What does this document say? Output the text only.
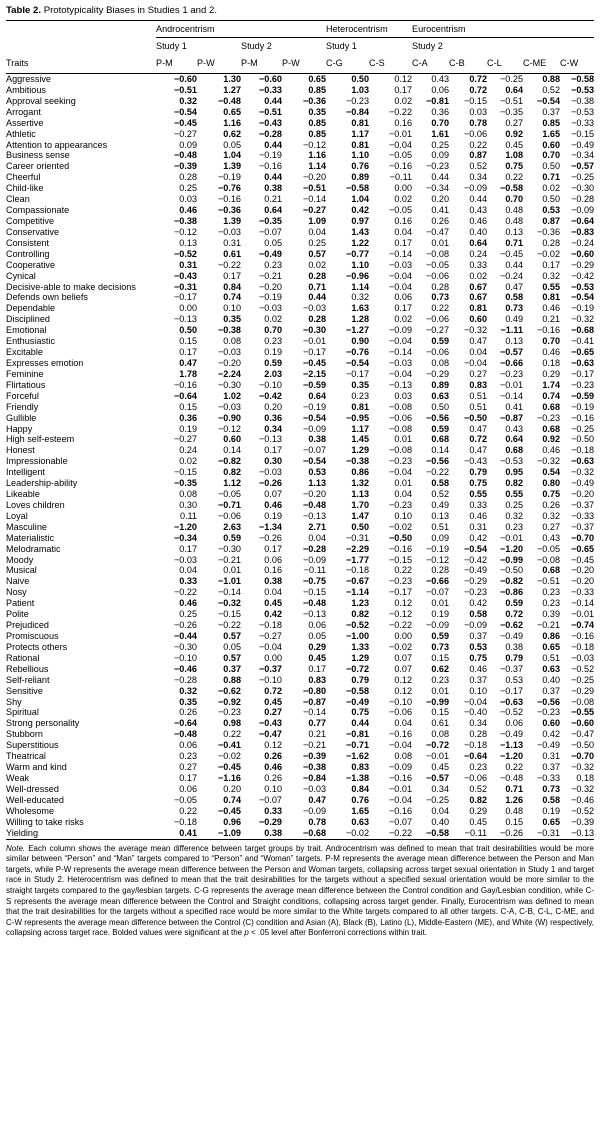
Table 2. Prototypicality Biases in Studies 1 and 2.
	Androcentrism				Heterocentrism		Eurocentrism				
	Study 1		Study 2		Study 1		Study 2				
Traits	P-M	P-W	P-M	P-W	C-G	C-S	C-A	C-B	C-L	C-ME	C-W
Aggressive	−0.60	1.30	−0.60	0.65	0.50	0.12	0.43	0.72	−0.25	0.88	−0.58
Ambitious	−0.51	1.27	−0.33	0.85	1.03	0.17	0.06	0.72	0.64	0.52	−0.53
Approval seeking	0.32	−0.48	0.44	−0.36	−0.23	0.02	−0.81	−0.15	−0.51	−0.54	−0.38
Arrogant	−0.54	0.65	−0.51	0.35	−0.84	−0.22	0.36	0.03	−0.35	0.37	−0.53
Assertive	−0.45	1.16	−0.43	0.85	0.81	0.16	0.70	0.78	0.27	0.85	−0.33
Athletic	−0.27	0.62	−0.28	0.85	1.17	−0.01	1.61	−0.06	0.92	1.65	−0.15
Attention to appearances	0.09	0.05	0.44	−0.12	0.81	−0.04	0.25	0.22	0.45	0.60	−0.49
Business sense	−0.48	1.04	−0.19	1.16	1.10	−0.05	0.09	0.87	1.08	0.70	−0.34
Career oriented	−0.39	1.39	−0.16	1.14	0.76	−0.16	−0.23	0.52	0.75	0.50	−0.57
Cheerful	0.28	−0.19	0.44	−0.20	0.89	−0.11	0.44	0.34	0.22	0.71	−0.25
Child-like	0.25	−0.76	0.38	−0.51	−0.58	0.00	−0.34	−0.09	−0.58	0.02	−0.30
Clean	0.03	−0.16	0.21	−0.14	1.04	0.02	0.20	0.44	0.70	0.50	−0.28
Compassionate	0.46	−0.36	0.64	−0.27	0.42	−0.05	0.41	0.43	0.48	0.53	−0.09
Competitive	−0.38	1.39	−0.35	1.09	0.97	0.16	0.26	0.46	0.48	0.87	−0.64
Conservative	−0.12	−0.03	−0.07	0.04	1.43	0.04	−0.47	0.40	0.13	−0.36	−0.83
Consistent	0.13	0.31	0.05	0.25	1.22	0.17	0.01	0.64	0.71	0.28	−0.24
Controlling	−0.52	0.61	−0.49	0.57	−0.77	−0.14	−0.08	0.24	−0.45	−0.02	−0.60
Cooperative	0.31	−0.22	0.23	0.02	1.10	−0.03	−0.05	0.33	0.44	0.17	−0.29
Cynical	−0.43	0.17	−0.21	0.28	−0.96	−0.04	−0.06	0.02	−0.24	0.32	−0.42
Decisive-able to make decisions	−0.31	0.84	−0.20	0.71	1.14	−0.04	0.28	0.67	0.47	0.55	−0.53
Defends own beliefs	−0.17	0.74	−0.19	0.44	0.32	0.06	0.73	0.67	0.58	0.81	−0.54
Dependable	0.00	0.10	−0.03	−0.03	1.63	0.17	0.22	0.81	0.73	0.46	−0.19
Disciplined	−0.13	0.35	0.02	0.28	1.28	0.02	−0.06	0.60	0.49	0.21	−0.32
Emotional	0.50	−0.38	0.70	−0.30	−1.27	−0.09	−0.27	−0.32	−1.11	−0.16	−0.68
Enthusiastic	0.15	0.08	0.23	−0.01	0.90	−0.04	0.59	0.47	0.13	0.70	−0.41
Excitable	0.17	−0.03	0.19	−0.17	−0.76	−0.14	−0.06	0.04	−0.57	0.46	−0.65
Expresses emotion	0.47	−0.20	0.59	−0.45	−0.54	−0.03	0.08	−0.04	−0.66	0.18	−0.63
Feminine	1.78	−2.24	2.03	−2.15	−0.17	−0.04	−0.29	0.27	−0.23	0.29	−0.17
Flirtatious	−0.16	−0.30	−0.10	−0.59	0.35	−0.13	0.89	0.83	−0.01	1.74	−0.23
Forceful	−0.64	1.02	−0.42	0.64	0.23	0.03	0.63	0.51	−0.14	0.74	−0.59
Friendly	0.15	−0.03	0.20	−0.19	0.81	−0.08	0.50	0.51	0.41	0.68	−0.19
Gullible	0.36	−0.90	0.36	−0.54	−0.95	−0.06	−0.56	−0.50	−0.87	−0.23	−0.16
Happy	0.19	−0.12	0.34	−0.09	1.17	−0.08	0.59	0.47	0.43	0.68	−0.25
High self-esteem	−0.27	0.60	−0.13	0.38	1.45	0.01	0.68	0.72	0.64	0.92	−0.50
Honest	0.24	0.14	0.17	−0.07	1.29	−0.08	0.14	0.47	0.68	0.46	−0.18
Impressionable	0.02	−0.82	0.30	−0.54	−0.38	−0.23	−0.56	−0.43	−0.53	−0.32	−0.63
Intelligent	−0.15	0.82	−0.03	0.53	0.86	−0.04	−0.22	0.79	0.95	0.54	−0.32
Leadership-ability	−0.35	1.12	−0.26	1.13	1.32	0.01	0.58	0.75	0.82	0.80	−0.49
Likeable	0.08	−0.05	0.07	−0.20	1.13	0.04	0.52	0.55	0.55	0.75	−0.20
Loves children	0.30	−0.71	0.46	−0.48	1.70	−0.23	0.49	0.33	0.25	0.26	−0.37
Loyal	0.11	−0.06	0.19	−0.13	1.47	0.10	0.13	0.46	0.32	0.32	−0.33
Masculine	−1.20	2.63	−1.34	2.71	0.50	−0.02	0.51	0.31	0.23	0.27	−0.37
Materialistic	−0.34	0.59	−0.26	0.04	−0.31	−0.50	0.09	0.42	−0.01	0.43	−0.70
Melodramatic	0.17	−0.30	0.17	−0.28	−2.29	−0.16	−0.19	−0.54	−1.20	−0.05	−0.65
Moody	−0.03	−0.21	0.06	−0.09	−1.77	−0.15	−0.12	−0.42	−0.99	−0.08	−0.45
Musical	0.04	0.01	0.16	−0.11	−0.18	0.22	0.28	−0.49	−0.50	0.68	−0.20
Naive	0.33	−1.01	0.38	−0.75	−0.67	−0.23	−0.66	−0.29	−0.82	−0.51	−0.20
Nosy	−0.22	−0.14	0.04	−0.15	−1.14	−0.17	−0.07	−0.23	−0.86	0.23	−0.33
Patient	0.46	−0.32	0.45	−0.48	1.23	0.12	0.01	0.42	0.59	0.23	−0.14
Polite	0.25	−0.15	0.42	−0.13	0.82	−0.12	0.19	0.58	0.72	0.39	−0.01
Prejudiced	−0.26	−0.22	−0.18	0.06	−0.52	−0.22	−0.09	−0.09	−0.62	−0.21	−0.74
Promiscuous	−0.44	0.57	−0.27	0.05	−1.00	0.00	0.59	0.37	−0.49	0.86	−0.16
Protects others	−0.30	0.05	−0.04	0.29	1.33	−0.02	0.73	0.53	0.38	0.65	−0.18
Rational	−0.10	0.57	0.00	0.45	1.29	0.07	0.15	0.75	0.79	0.51	−0.03
Rebellious	−0.46	0.37	−0.37	0.17	−0.72	0.07	0.62	0.46	−0.37	0.63	−0.52
Self-reliant	−0.28	0.88	−0.10	0.83	0.79	0.12	0.23	0.37	0.53	0.40	−0.25
Sensitive	0.32	−0.62	0.72	−0.80	−0.58	0.12	0.01	0.10	−0.17	0.37	−0.29
Shy	0.35	−0.92	0.45	−0.87	−0.49	−0.10	−0.99	−0.04	−0.63	−0.56	−0.08
Spiritual	0.26	−0.23	0.27	−0.14	0.75	−0.06	0.15	−0.40	−0.52	−0.23	−0.55
Strong personality	−0.64	0.98	−0.43	0.77	0.44	0.04	0.61	0.34	0.06	0.60	−0.60
Stubborn	−0.48	0.22	−0.47	0.21	−0.81	−0.16	0.08	0.28	−0.49	0.42	−0.47
Superstitious	0.06	−0.41	0.12	−0.21	−0.71	−0.04	−0.72	−0.18	−1.13	−0.49	−0.50
Theatrical	0.23	−0.02	0.26	−0.39	−1.62	0.08	−0.01	−0.64	−1.20	0.31	−0.70
Warm and kind	0.27	−0.45	0.46	−0.38	0.83	−0.09	0.45	0.23	0.22	0.37	−0.32
Weak	0.17	−1.16	0.26	−0.84	−1.38	−0.16	−0.57	−0.06	−0.48	−0.33	0.18
Well-dressed	0.06	0.20	0.10	−0.03	0.84	−0.01	0.34	0.52	0.71	0.73	−0.32
Well-educated	−0.05	0.74	−0.07	0.47	0.76	−0.04	−0.25	0.82	1.26	0.58	−0.46
Wholesome	0.22	−0.45	0.33	−0.09	1.65	−0.16	0.04	0.29	0.48	0.19	−0.52
Willing to take risks	−0.18	0.96	−0.29	0.78	0.63	−0.07	0.40	0.45	0.15	0.65	−0.39
Yielding	0.41	−1.09	0.38	−0.68	−0.02	−0.22	−0.58	−0.11	−0.26	−0.31	−0.13
Note. Each column shows the average mean difference between target groups by trait. Androcentrism was defined to mean that trait desirabilities would be more similar between “Person” and “Man” targets compared to “Person” and “Woman” targets. P-M represents the average mean difference between the Person and Man targets, while P-W represents the average mean difference between the Person and Woman targets, collapsing across target sexual orientation in Study 1 and target race in Study 2. Heterocentrism was defined to mean that the trait desirabilities for the targets without a specified sexual orientation would be more similar to the straight targets compared to the gay/lesbian targets. C-G represents the average mean difference between the Control condition and Gay/Lesbian condition, while C-S represents the average mean difference between the Control and Straight conditions, collapsing across target gender. Finally, Eurocentrism was defined to mean that the trait desirabilities for the targets without a specified race would be more similar to the White targets compared to all other targets. C-A, C-B, C-L, C-ME, and C-W represents the average mean difference between the Control (C) condition and Asian (A), Black (B), Latino (L), Middle-Eastern (ME), and White (W) respectively, collapsing across target race. Bolded values were significant at the p < .05 level after Bonferroni corrections within trait.
